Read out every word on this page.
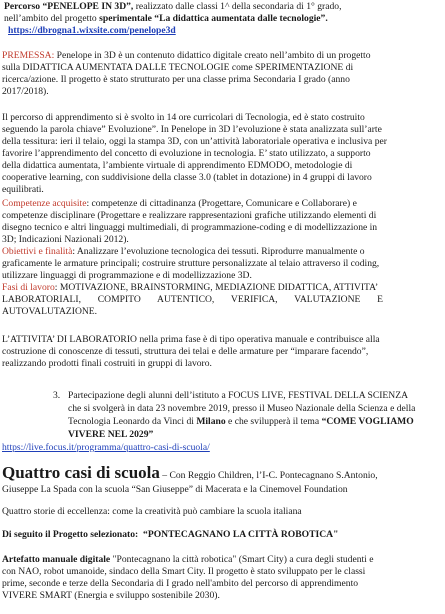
Percorso “PENELOPE IN 3D”, realizzato dalle classi 1^ della secondaria di 1° grado,
nell’ambito del progetto sperimentale “La didattica aumentata dalle tecnologie”.
https://dbrogna1.wixsite.com/penelope3d
PREMESSA: Penelope in 3D è un contenuto didattico digitale creato nell’ambito di un progetto
sulla DIDATTICA AUMENTATA DALLE TECNOLOGIE come SPERIMENTAZIONE di
ricerca/azione. Il progetto è stato strutturato per una classe prima Secondaria I grado (anno
2017/2018).
Il percorso di apprendimento si è svolto in 14 ore curricolari di Tecnologia, ed è stato costruito
seguendo la parola chiave” Evoluzione”. In Penelope in 3D l’evoluzione è stata analizzata sull’arte
della tessitura: ieri il telaio, oggi la stampa 3D, con un’attività laboratoriale operativa e inclusiva per
favorire l’apprendimento del concetto di evoluzione in tecnologia. E’ stato utilizzato, a supporto
della didattica aumentata, l’ambiente virtuale di apprendimento EDMODO, metodologie di
cooperative learning, con suddivisione della classe 3.0 (tablet in dotazione) in 4 gruppi di lavoro
equilibrati.
Competenze acquisite: competenze di cittadinanza (Progettare, Comunicare e Collaborare) e
competenze disciplinare (Progettare e realizzare rappresentazioni grafiche utilizzando elementi di
disegno tecnico e altri linguaggi multimediali, di programmazione-coding e di modellizzazione in
3D; Indicazioni Nazionali 2012).
Obiettivi e finalità: Analizzare l’evoluzione tecnologica dei tessuti. Riprodurre manualmente o
graficamente le armature principali; costruire strutture personalizzate al telaio attraverso il coding,
utilizzare linguaggi di programmazione e di modellizzazione 3D.
Fasi di lavoro: MOTIVAZIONE, BRAINSTORMING, MEDIAZIONE DIDATTICA, ATTIVITA’
LABORATORIALI,       COMPITO       AUTENTICO,       VERIFICA,       VALUTAZIONE       E
AUTOVALUTAZIONE.
L’ATTIVITA’ DI LABORATORIO nella prima fase è di tipo operativa manuale e contribuisce alla
costruzione di conoscenze di tessuti, struttura dei telai e delle armature per “imparare facendo”,
realizzando prodotti finali costruiti in gruppi di lavoro.
3. Partecipazione degli alunni dell’istituto a FOCUS LIVE, FESTIVAL DELLA SCIENZA
che si svolgerà in data 23 novembre 2019, presso il Museo Nazionale della Scienza e della
Tecnologia Leonardo da Vinci di Milano e che svilupperà il tema “COME VOGLIAMO
VIVERE NEL 2029”
https://live.focus.it/programma/quattro-casi-di-scuola/
Quattro casi di scuola – Con Reggio Children, l’I-C. Pontecagnano S.Antonio,
Giuseppe La Spada con la scuola “San Giuseppe” di Macerata e la Cinemovel Foundation
Quattro storie di eccellenza: come la creatività può cambiare la scuola italiana
Di seguito il Progetto selezionato: “PONTECAGNANO LA CITTÀ ROBOTICA"
Artefatto manuale digitale "Pontecagnano la città robotica" (Smart City) a cura degli studenti e
con NAO, robot umanoide, sindaco della Smart City. Il progetto è stato sviluppato per le classi
prime, seconde e terze della Secondaria di I grado nell'ambito del percorso di apprendimento
VIVERE SMART (Energia e sviluppo sostenibile 2030).
